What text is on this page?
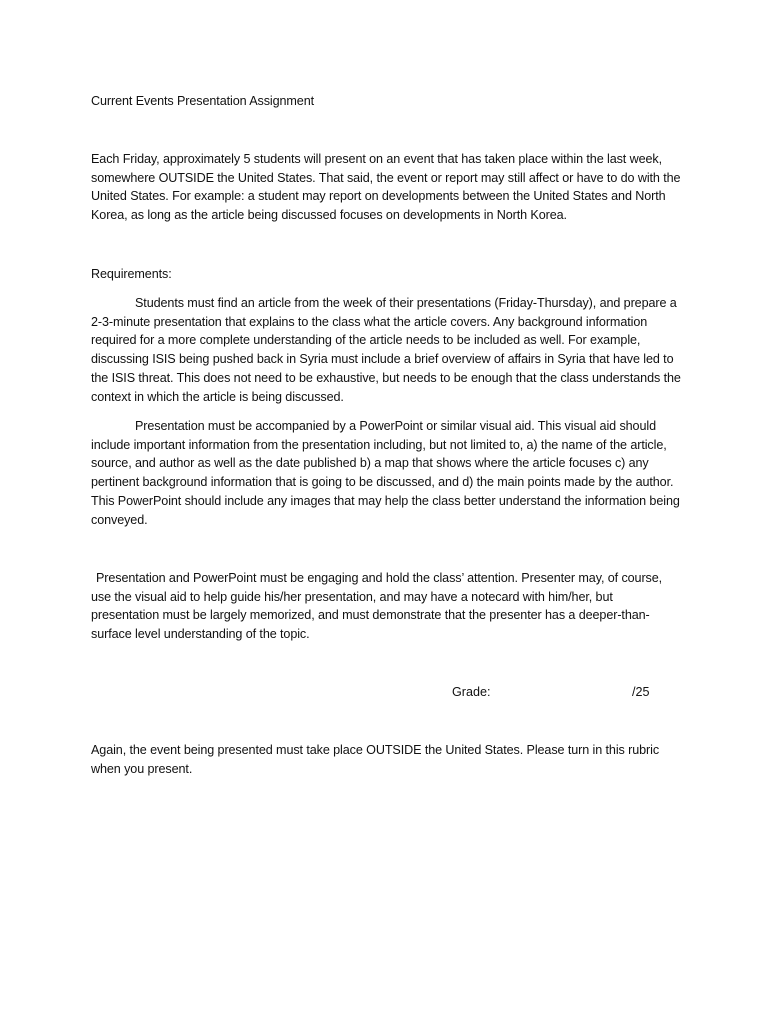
Current Events Presentation Assignment

Each Friday, approximately 5 students will present on an event that has taken place within the last week, somewhere OUTSIDE the United States. That said, the event or report may still affect or have to do with the United States. For example: a student may report on developments between the United States and North Korea, as long as the article being discussed focuses on developments in North Korea.

Requirements:

Students must find an article from the week of their presentations (Friday-Thursday), and prepare a 2-3-minute presentation that explains to the class what the article covers. Any background information required for a more complete understanding of the article needs to be included as well. For example, discussing ISIS being pushed back in Syria must include a brief overview of affairs in Syria that have led to the ISIS threat. This does not need to be exhaustive, but needs to be enough that the class understands the context in which the article is being discussed.

Presentation must be accompanied by a PowerPoint or similar visual aid. This visual aid should include important information from the presentation including, but not limited to, a) the name of the article, source, and author as well as the date published b) a map that shows where the article focuses c) any pertinent background information that is going to be discussed, and d) the main points made by the author. This PowerPoint should include any images that may help the class better understand the information being conveyed.

Presentation and PowerPoint must be engaging and hold the class’ attention. Presenter may, of course, use the visual aid to help guide his/her presentation, and may have a notecard with him/her, but presentation must be largely memorized, and must demonstrate that the presenter has a deeper-than-surface level understanding of the topic.

Grade:	/25

Again, the event being presented must take place OUTSIDE the United States. Please turn in this rubric when you present.
